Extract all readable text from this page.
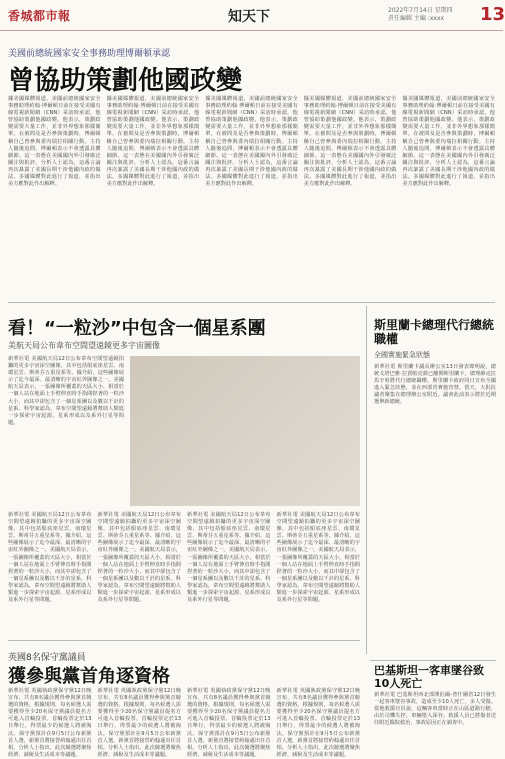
香城都市報	知天下	2022年7月14日 星期四
責任編輯 主編 :xxxx	13
美國前總統國家安全事務助理博爾頓承認
曾協助策劃他國政變

據美國媒體報道，美國前總統國家安全事務助理約翰·博爾頓日前在接受美國有線電視新聞網（CNN）采訪時承認，他曾協助策劃他國政變。他表示，策劃政變需要大量工作，並非外界想象那樣簡單。在被問及是否參與策劃時，博爾頓稱自己曾參與委內瑞拉相關行動。主持人隨後追問，博爾頓表示不會透露具體細節。這一表態在美國國內外引發廣泛關注與批評。分析人士認為，這番言論再次暴露了美國長期干涉他國內政的做法。多國媒體對此進行了報道，並指出美方應對此作出解釋。

據美國媒體報道，美國前總統國家安全事務助理約翰·博爾頓日前在接受美國有線電視新聞網（CNN）采訪時承認，他曾協助策劃他國政變。他表示，策劃政變需要大量工作，並非外界想象那樣簡單。在被問及是否參與策劃時，博爾頓稱自己曾參與委內瑞拉相關行動。主持人隨後追問，博爾頓表示不會透露具體細節。這一表態在美國國內外引發廣泛關注與批評。分析人士認為，這番言論再次暴露了美國長期干涉他國內政的做法。多國媒體對此進行了報道，並指出美方應對此作出解釋。

據美國媒體報道，美國前總統國家安全事務助理約翰·博爾頓日前在接受美國有線電視新聞網（CNN）采訪時承認，他曾協助策劃他國政變。他表示，策劃政變需要大量工作，並非外界想象那樣簡單。在被問及是否參與策劃時，博爾頓稱自己曾參與委內瑞拉相關行動。主持人隨後追問，博爾頓表示不會透露具體細節。這一表態在美國國內外引發廣泛關注與批評。分析人士認為，這番言論再次暴露了美國長期干涉他國內政的做法。多國媒體對此進行了報道，並指出美方應對此作出解釋。

據美國媒體報道，美國前總統國家安全事務助理約翰·博爾頓日前在接受美國有線電視新聞網（CNN）采訪時承認，他曾協助策劃他國政變。他表示，策劃政變需要大量工作，並非外界想象那樣簡單。在被問及是否參與策劃時，博爾頓稱自己曾參與委內瑞拉相關行動。主持人隨後追問，博爾頓表示不會透露具體細節。這一表態在美國國內外引發廣泛關注與批評。分析人士認為，這番言論再次暴露了美國長期干涉他國內政的做法。多國媒體對此進行了報道，並指出美方應對此作出解釋。

據美國媒體報道，美國前總統國家安全事務助理約翰·博爾頓日前在接受美國有線電視新聞網（CNN）采訪時承認，他曾協助策劃他國政變。他表示，策劃政變需要大量工作，並非外界想象那樣簡單。在被問及是否參與策劃時，博爾頓稱自己曾參與委內瑞拉相關行動。主持人隨後追問，博爾頓表示不會透露具體細節。這一表態在美國國內外引發廣泛關注與批評。分析人士認為，這番言論再次暴露了美國長期干涉他國內政的做法。多國媒體對此進行了報道，並指出美方應對此作出解釋。

看！“一粒沙”中包含一個星系團
美航天局公布韋布空間望遠鏡更多宇宙圖像

新華社電 美國航天局12日公布韋布空間望遠鏡拍攝的更多宇宙深空圖像，其中包括船底座星雲、南環星雲、斯蒂芬五重星系等。據介紹，這些圖像展示了迄今最深、最清晰的宇宙紅外圖像之一。美國航天局表示，一張圖像所覆蓋的天區大小，相當於一個人站在地面上手臂伸直時手指間捏著的一粒沙大小，而其中卻包含了一個星系團以及數以千計的星系。科學家認為，韋布空間望遠鏡將幫助人類進一步探索宇宙起源、星系形成以及系外行星等問題。

新華社電 美國航天局12日公布韋布空間望遠鏡拍攝的更多宇宙深空圖像，其中包括船底座星雲、南環星雲、斯蒂芬五重星系等。據介紹，這些圖像展示了迄今最深、最清晰的宇宙紅外圖像之一。美國航天局表示，一張圖像所覆蓋的天區大小，相當於一個人站在地面上手臂伸直時手指間捏著的一粒沙大小，而其中卻包含了一個星系團以及數以千計的星系。科學家認為，韋布空間望遠鏡將幫助人類進一步探索宇宙起源、星系形成以及系外行星等問題。

新華社電 美國航天局12日公布韋布空間望遠鏡拍攝的更多宇宙深空圖像，其中包括船底座星雲、南環星雲、斯蒂芬五重星系等。據介紹，這些圖像展示了迄今最深、最清晰的宇宙紅外圖像之一。美國航天局表示，一張圖像所覆蓋的天區大小，相當於一個人站在地面上手臂伸直時手指間捏著的一粒沙大小，而其中卻包含了一個星系團以及數以千計的星系。科學家認為，韋布空間望遠鏡將幫助人類進一步探索宇宙起源、星系形成以及系外行星等問題。

新華社電 美國航天局12日公布韋布空間望遠鏡拍攝的更多宇宙深空圖像，其中包括船底座星雲、南環星雲、斯蒂芬五重星系等。據介紹，這些圖像展示了迄今最深、最清晰的宇宙紅外圖像之一。美國航天局表示，一張圖像所覆蓋的天區大小，相當於一個人站在地面上手臂伸直時手指間捏著的一粒沙大小，而其中卻包含了一個星系團以及數以千計的星系。科學家認為，韋布空間望遠鏡將幫助人類進一步探索宇宙起源、星系形成以及系外行星等問題。

新華社電 美國航天局12日公布韋布空間望遠鏡拍攝的更多宇宙深空圖像，其中包括船底座星雲、南環星雲、斯蒂芬五重星系等。據介紹，這些圖像展示了迄今最深、最清晰的宇宙紅外圖像之一。美國航天局表示，一張圖像所覆蓋的天區大小，相當於一個人站在地面上手臂伸直時手指間捏著的一粒沙大小，而其中卻包含了一個星系團以及數以千計的星系。科學家認為，韋布空間望遠鏡將幫助人類進一步探索宇宙起源、星系形成以及系外行星等問題。

斯里蘭卡總理代行總統職權
全國實施緊急狀態
新華社電 斯里蘭卡議長辦公室13日發表聲明說，總統戈塔巴雅·拉賈帕克薩已離開斯里蘭卡，總理維克拉馬辛哈將代行總統職權。斯里蘭卡政府同日宣布全國進入緊急狀態，並在西部省實施宵禁。當天，大批抗議者聚集在總理辦公室附近。議會此前表示將於近期選舉新總統。
英國8名保守黨議員
獲參與黨首角逐資格

新華社電 英國執政黨保守黨12日晚宣布，共有8名議員獲得參與黨首競選的資格。根據規則，每名候選人需要獲得至少20名保守黨議員提名方可進入首輪投票。首輪投票定於13日舉行，得票最少的候選人將被淘汰。保守黨預計在9月5日公布新黨首人選，新黨首將接替約翰遜出任首相。分析人士指出，此次競選將聚焦經濟、減稅及生活成本等議題。

新華社電 英國執政黨保守黨12日晚宣布，共有8名議員獲得參與黨首競選的資格。根據規則，每名候選人需要獲得至少20名保守黨議員提名方可進入首輪投票。首輪投票定於13日舉行，得票最少的候選人將被淘汰。保守黨預計在9月5日公布新黨首人選，新黨首將接替約翰遜出任首相。分析人士指出，此次競選將聚焦經濟、減稅及生活成本等議題。

新華社電 英國執政黨保守黨12日晚宣布，共有8名議員獲得參與黨首競選的資格。根據規則，每名候選人需要獲得至少20名保守黨議員提名方可進入首輪投票。首輪投票定於13日舉行，得票最少的候選人將被淘汰。保守黨預計在9月5日公布新黨首人選，新黨首將接替約翰遜出任首相。分析人士指出，此次競選將聚焦經濟、減稅及生活成本等議題。

新華社電 英國執政黨保守黨12日晚宣布，共有8名議員獲得參與黨首競選的資格。根據規則，每名候選人需要獲得至少20名保守黨議員提名方可進入首輪投票。首輪投票定於13日舉行，得票最少的候選人將被淘汰。保守黨預計在9月5日公布新黨首人選，新黨首將接替約翰遜出任首相。分析人士指出，此次競選將聚焦經濟、減稅及生活成本等議題。

巴基斯坦一客車墜谷致10人死亡
新華社電 巴基斯坦西北部開伯爾-普什圖省12日發生一起客車墜谷事故，造成至少10人死亡、多人受傷。當地救援官員說，這輛客車當時正在山區道路行駛，由於司機失控，車輛墜入深谷。救援人員已將傷者送往附近醫院救治，事故原因正在調查中。
